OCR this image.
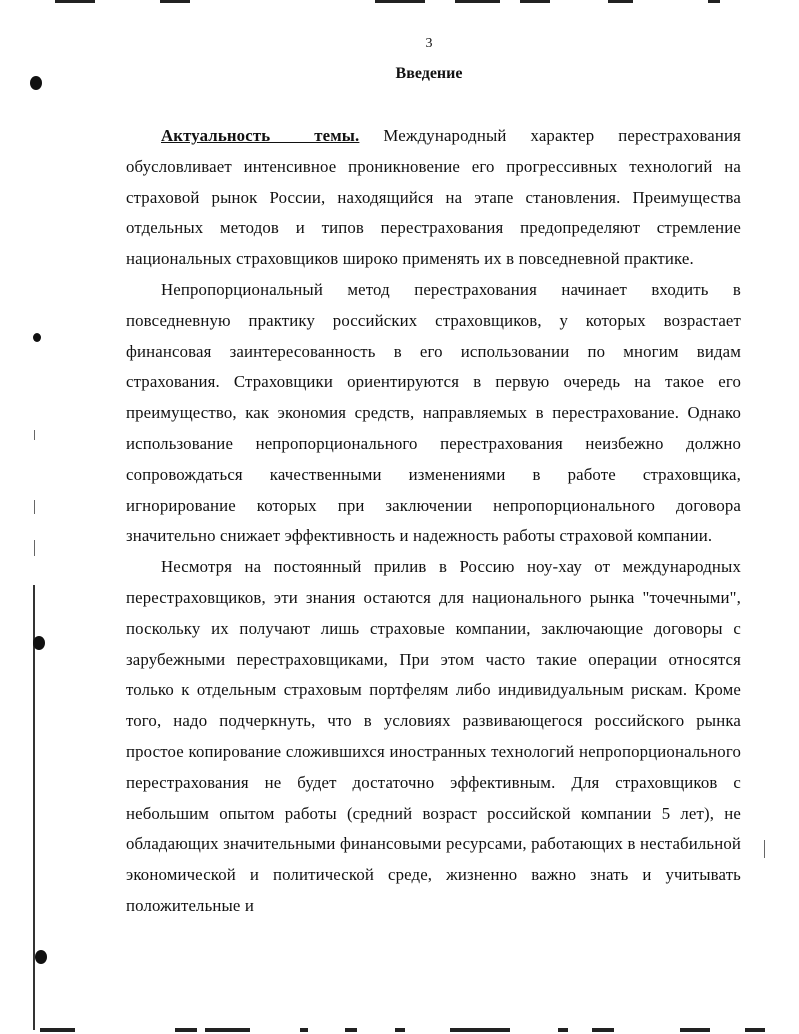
3
Введение

Актуальность темы. Международный характер перестрахования обусловливает интенсивное проникновение его прогрессивных технологий на страховой рынок России, находящийся на этапе становления. Преимущества отдельных методов и типов перестрахования предопределяют стремление национальных страховщиков широко применять их в повседневной практике.

Непропорциональный метод перестрахования начинает входить в повседневную практику российских страховщиков, у которых возрастает финансовая заинтересованность в его использовании по многим видам страхования. Страховщики ориентируются в первую очередь на такое его преимущество, как экономия средств, направляемых в перестрахование. Однако использование непропорционального перестрахования неизбежно должно сопровождаться качественными изменениями в работе страховщика, игнорирование которых при заключении непропорционального договора значительно снижает эффективность и надежность работы страховой компании.

Несмотря на постоянный прилив в Россию ноу-хау от международных перестраховщиков, эти знания остаются для национального рынка "точечными", поскольку их получают лишь страховые компании, заключающие договоры с зарубежными перестраховщиками, При этом часто такие операции относятся только к отдельным страховым портфелям либо индивидуальным рискам. Кроме того, надо подчеркнуть, что в условиях развивающегося российского рынка простое копирование сложившихся иностранных технологий непропорционального перестрахования не будет достаточно эффективным. Для страховщиков с небольшим опытом работы (средний возраст российской компании 5 лет), не обладающих значительными финансовыми ресурсами, работающих в нестабильной экономической и политической среде, жизненно важно знать и учитывать положительные и
